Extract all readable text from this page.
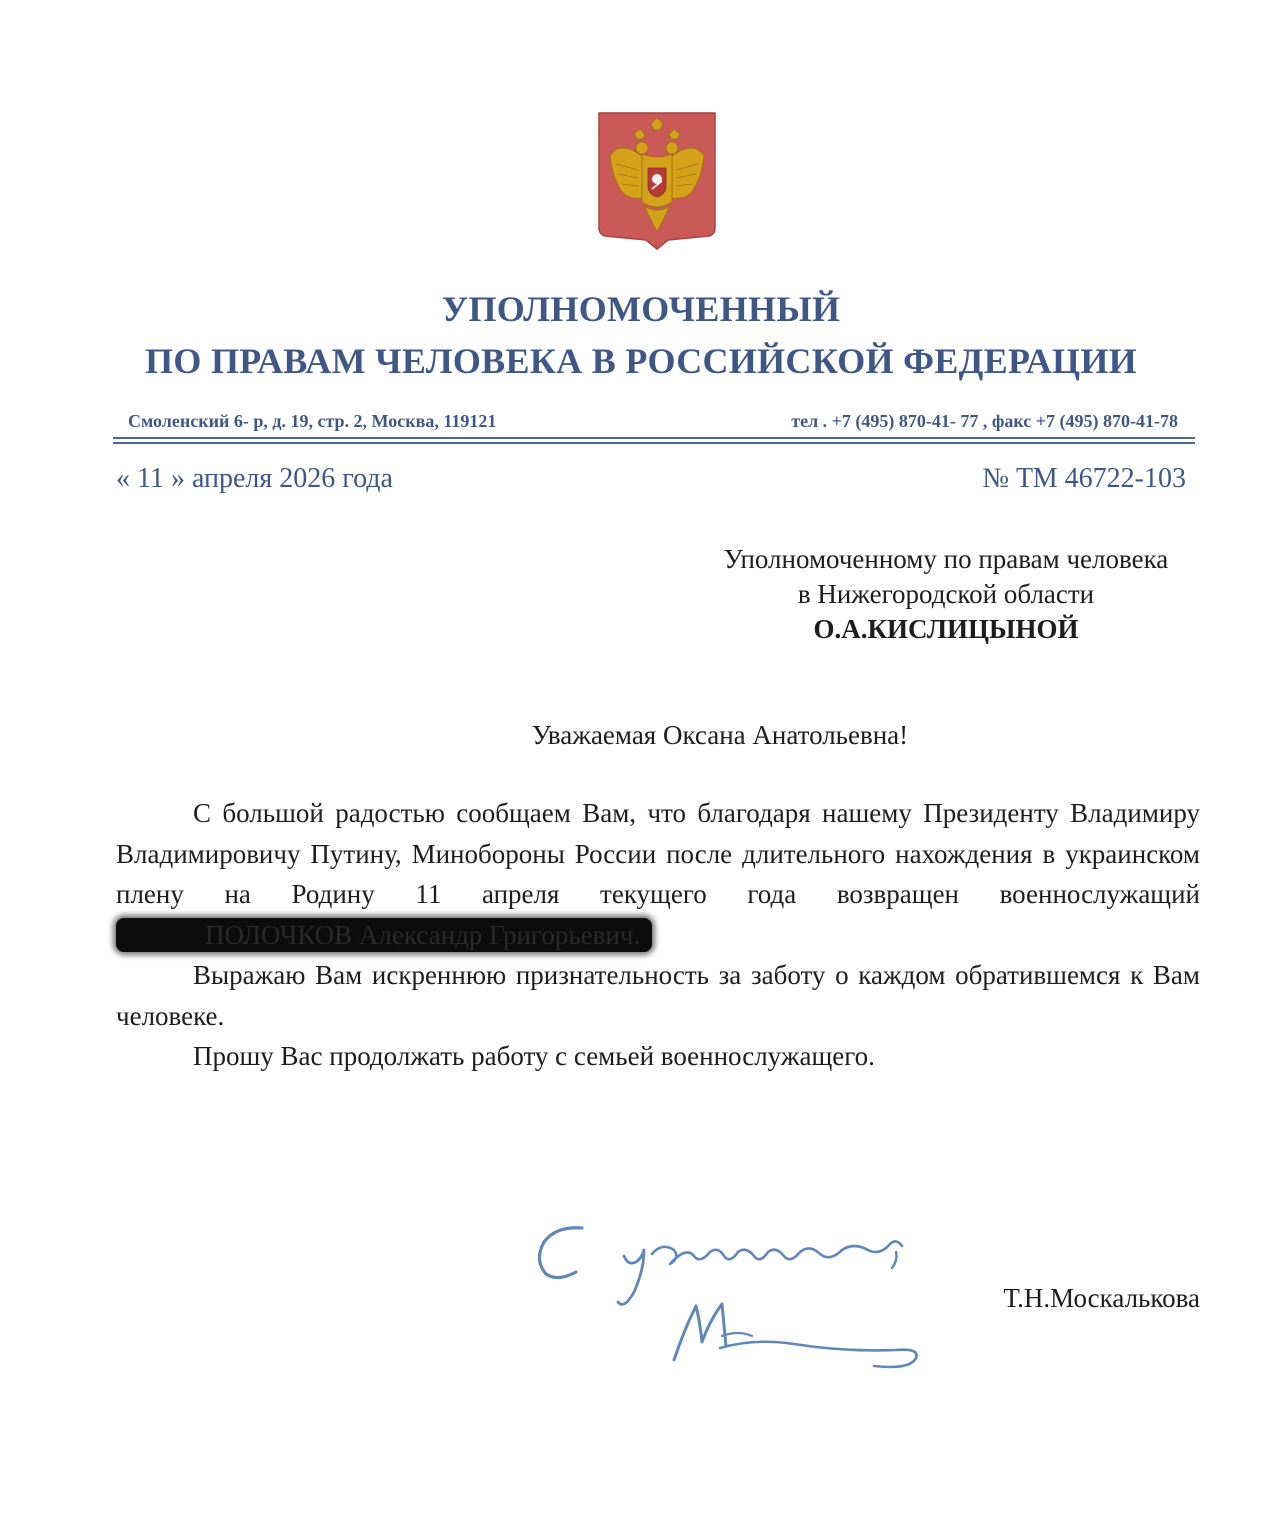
УПОЛНОМОЧЕННЫЙ
ПО ПРАВАМ ЧЕЛОВЕКА В РОССИЙСКОЙ ФЕДЕРАЦИИ
Смоленский 6- р, д. 19, стр. 2, Москва, 119121	тел . +7 (495) 870-41- 77 , факс +7 (495) 870-41-78
« 11 » апреля 2026 года	№ ТМ 46722-103
Уполномоченному по правам человека
в Нижегородской области
О.А.КИСЛИЦЫНОЙ
Уважаемая Оксана Анатольевна!

С большой радостью сообщаем Вам, что благодаря нашему Президенту Владимиру Владимировичу Путину, Минобороны России после длительного нахождения в украинском плену на Родину 11 апреля текущего года возвращен военнослужащий ПОЛОЧКОВ Александр Григорьевич.

Выражаю Вам искреннюю признательность за заботу о каждом обратившемся к Вам человеке.

Прошу Вас продолжать работу с семьей военнослужащего.

Т.Н.Москалькова
